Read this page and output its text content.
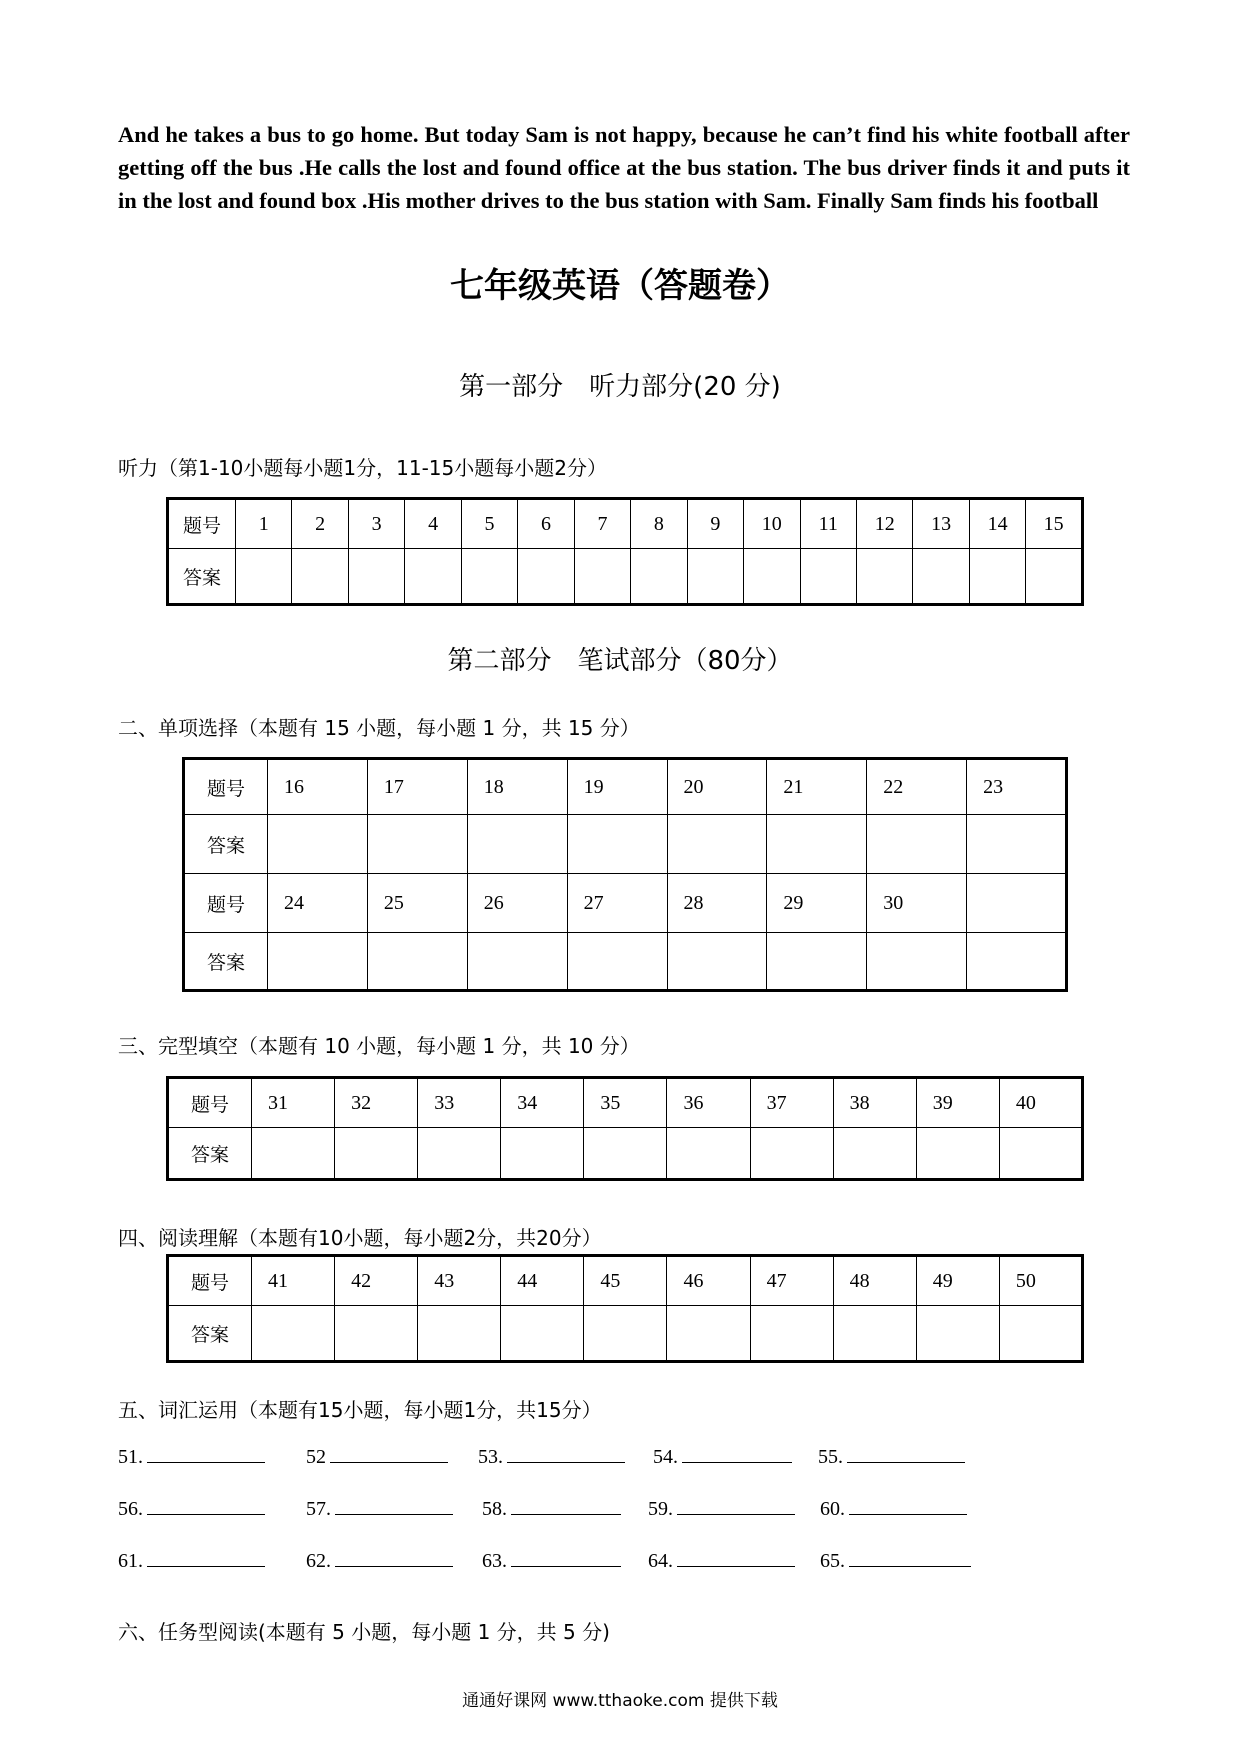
And he takes a bus to go home. But today Sam is not happy, because he can’t find his white football after getting off the bus .He calls the lost and found office at the bus station. The bus driver finds it and puts it in the lost and found box .His mother drives to the bus station with Sam. Finally Sam finds his football

七年级英语（答题卷）
第一部分　听力部分(20 分)
听力（第1-10小题每小题1分，11-15小题每小题2分）
题号	1	2	3	4	5	6	7	8	9	10	11	12	13	14	15
答案															
第二部分　笔试部分（80分）
二、单项选择（本题有 15 小题，每小题 1 分，共 15 分）
题号	16	17	18	19	20	21	22	23
答案								
题号	24	25	26	27	28	29	30	
答案								
三、完型填空（本题有 10 小题，每小题 1 分，共 10 分）
题号	31	32	33	34	35	36	37	38	39	40
答案										
四、阅读理解（本题有10小题，每小题2分，共20分）
题号	41	42	43	44	45	46	47	48	49	50
答案										
五、词汇运用（本题有15小题，每小题1分，共15分）
51.	52	53.	54.	55.
56.	57.	58.	59.	60.
61.	62.	63.	64.	65.
六、任务型阅读(本题有 5 小题，每小题 1 分，共 5 分)
通通好课网 www.tthaoke.com 提供下载
